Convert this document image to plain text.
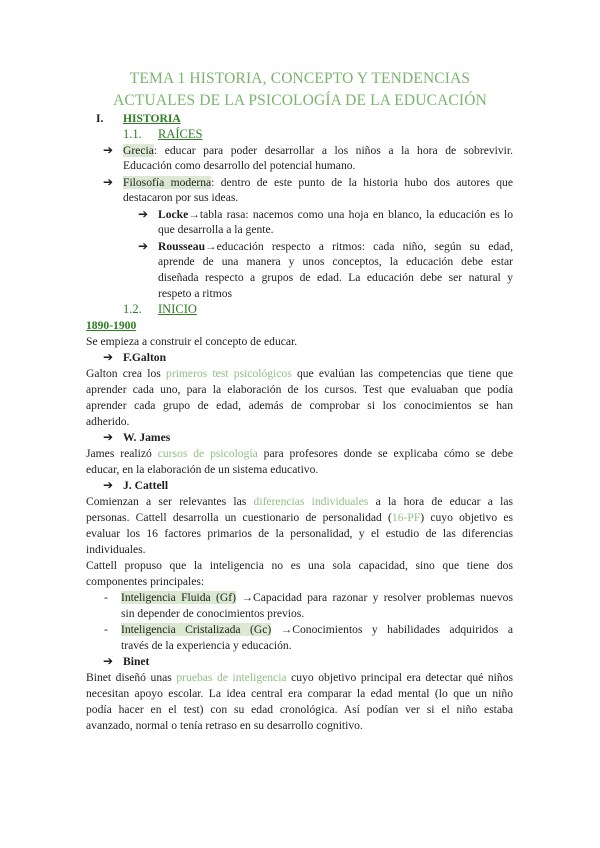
TEMA 1 HISTORIA, CONCEPTO Y TENDENCIAS
ACTUALES DE LA PSICOLOGÍA DE LA EDUCACIÓN
I. HISTORIA
1.1. RAÍCES
➔ Grecia: educar para poder desarrollar a los niños a la hora de sobrevivir.
Educación como desarrollo del potencial humano.
➔ Filosofía moderna: dentro de este punto de la historia hubo dos autores que
destacaron por sus ideas.
➔ Locke→tabla rasa: nacemos como una hoja en blanco, la educación es lo
que desarrolla a la gente.
➔ Rousseau→educación respecto a ritmos: cada niño, según su edad,
aprende de una manera y unos conceptos, la educación debe estar
diseñada respecto a grupos de edad. La educación debe ser natural y
respeto a ritmos
1.2. INICIO
1890-1900
Se empieza a construir el concepto de educar.
➔ F.Galton
Galton crea los primeros test psicológicos que evalúan las competencias que tiene que
aprender cada uno, para la elaboración de los cursos. Test que evaluaban que podía
aprender cada grupo de edad, además de comprobar si los conocimientos se han
adherido.
➔ W. James
James realizó cursos de psicología para profesores donde se explicaba cómo se debe
educar, en la elaboración de un sistema educativo.
➔ J. Cattell
Comienzan a ser relevantes las diferencias individuales a la hora de educar a las
personas. Cattell desarrolla un cuestionario de personalidad (16-PF) cuyo objetivo es
evaluar los 16 factores primarios de la personalidad, y el estudio de las diferencias
individuales.
Cattell propuso que la inteligencia no es una sola capacidad, sino que tiene dos
componentes principales:
- Inteligencia Fluida (Gf) →Capacidad para razonar y resolver problemas nuevos
sin depender de conocimientos previos.
- Inteligencia Cristalizada (Gc) →Conocimientos y habilidades adquiridos a
través de la experiencia y educación.
➔ Binet
Binet diseñó unas pruebas de inteligencia cuyo objetivo principal era detectar qué niños
necesitan apoyo escolar. La idea central era comparar la edad mental (lo que un niño
podía hacer en el test) con su edad cronológica. Así podían ver si el niño estaba
avanzado, normal o tenía retraso en su desarrollo cognitivo.
